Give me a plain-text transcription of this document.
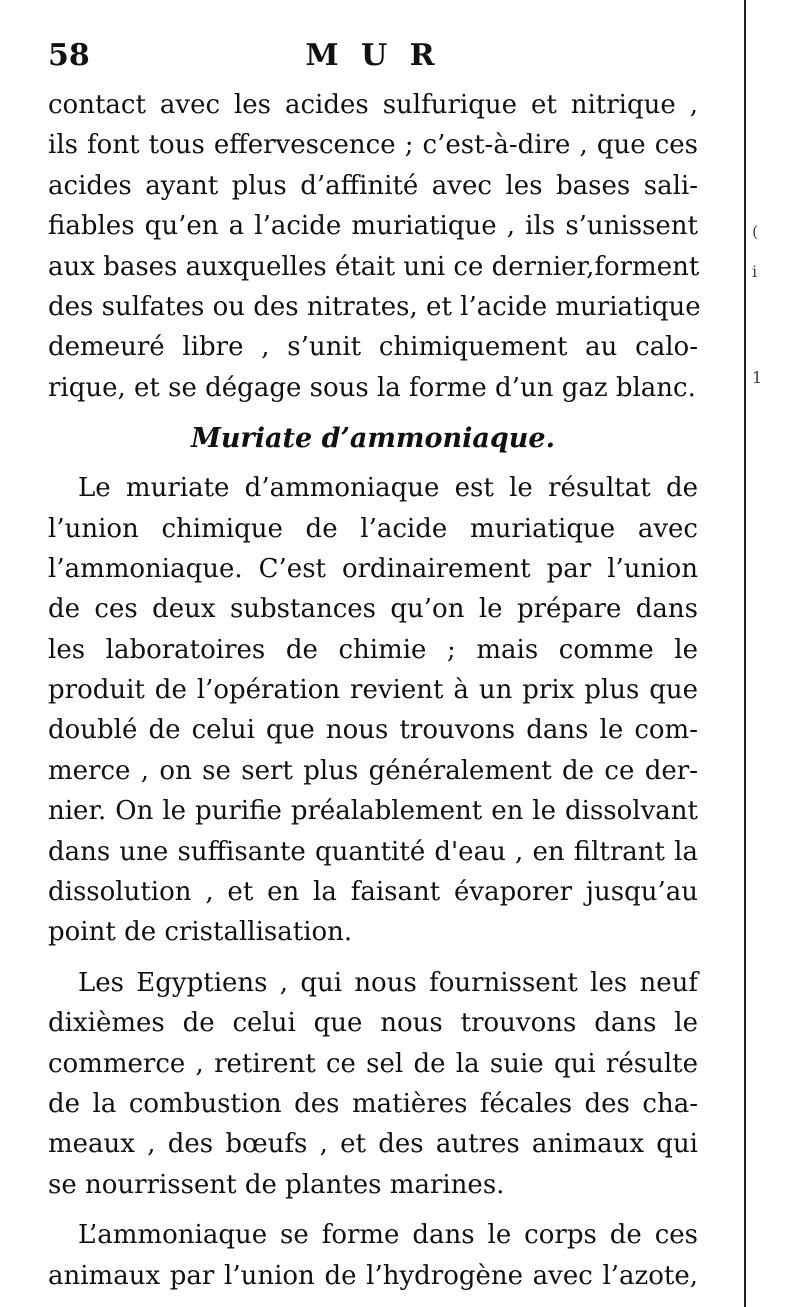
(
i
1
58	M U R
contact avec les acides sulfurique et nitrique ,
ils font tous effervescence ; c’est-à-dire , que ces
acides ayant plus d’affinité avec les bases sali-
fiables qu’en a l’acide muriatique , ils s’unissent
aux bases auxquelles était uni ce dernier,forment
des sulfates ou des nitrates, et l’acide muriatique
demeuré libre , s’unit chimiquement au calo-
rique, et se dégage sous la forme d’un gaz blanc.
Muriate d’ammoniaque.
Le muriate d’ammoniaque est le résultat de
l’union chimique de l’acide muriatique avec
l’ammoniaque. C’est ordinairement par l’union
de ces deux substances qu’on le prépare dans
les laboratoires de chimie ; mais comme le
produit de l’opération revient à un prix plus que
doublé de celui que nous trouvons dans le com-
merce , on se sert plus généralement de ce der-
nier. On le purifie préalablement en le dissolvant
dans une suffisante quantité d'eau , en filtrant la
dissolution , et en la faisant évaporer jusqu’au
point de cristallisation.
Les Egyptiens , qui nous fournissent les neuf
dixièmes de celui que nous trouvons dans le
commerce , retirent ce sel de la suie qui résulte
de la combustion des matières fécales des cha-
meaux , des bœufs , et des autres animaux qui
se nourrissent de plantes marines.
L’ammoniaque se forme dans le corps de ces
animaux par l’union de l’hydrogène avec l’azote,
